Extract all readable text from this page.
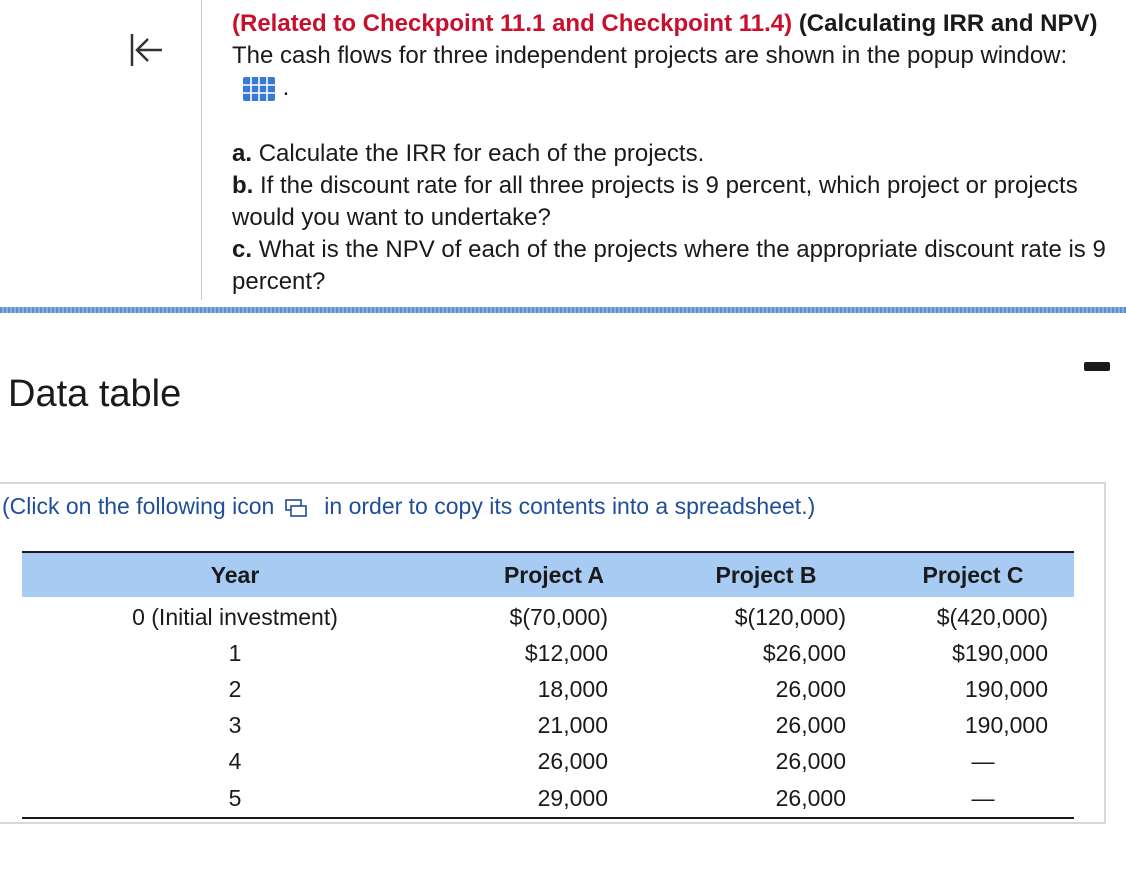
(Related to Checkpoint 11.1 and Checkpoint 11.4) (Calculating IRR and NPV) The cash flows for three independent projects are shown in the popup window:  .

a. Calculate the IRR for each of the projects.

b. If the discount rate for all three projects is 9 percent, which project or projects would you want to undertake?

c. What is the NPV of each of the projects where the appropriate discount rate is 9 percent?

Data table
(Click on the following icon in order to copy its contents into a spreadsheet.)
Year	Project A	Project B	Project C
0 (Initial investment)	$(70,000)	$(120,000)	$(420,000)
1	$12,000	$26,000	$190,000
2	18,000	26,000	190,000
3	21,000	26,000	190,000
4	26,000	26,000	—
5	29,000	26,000	—
